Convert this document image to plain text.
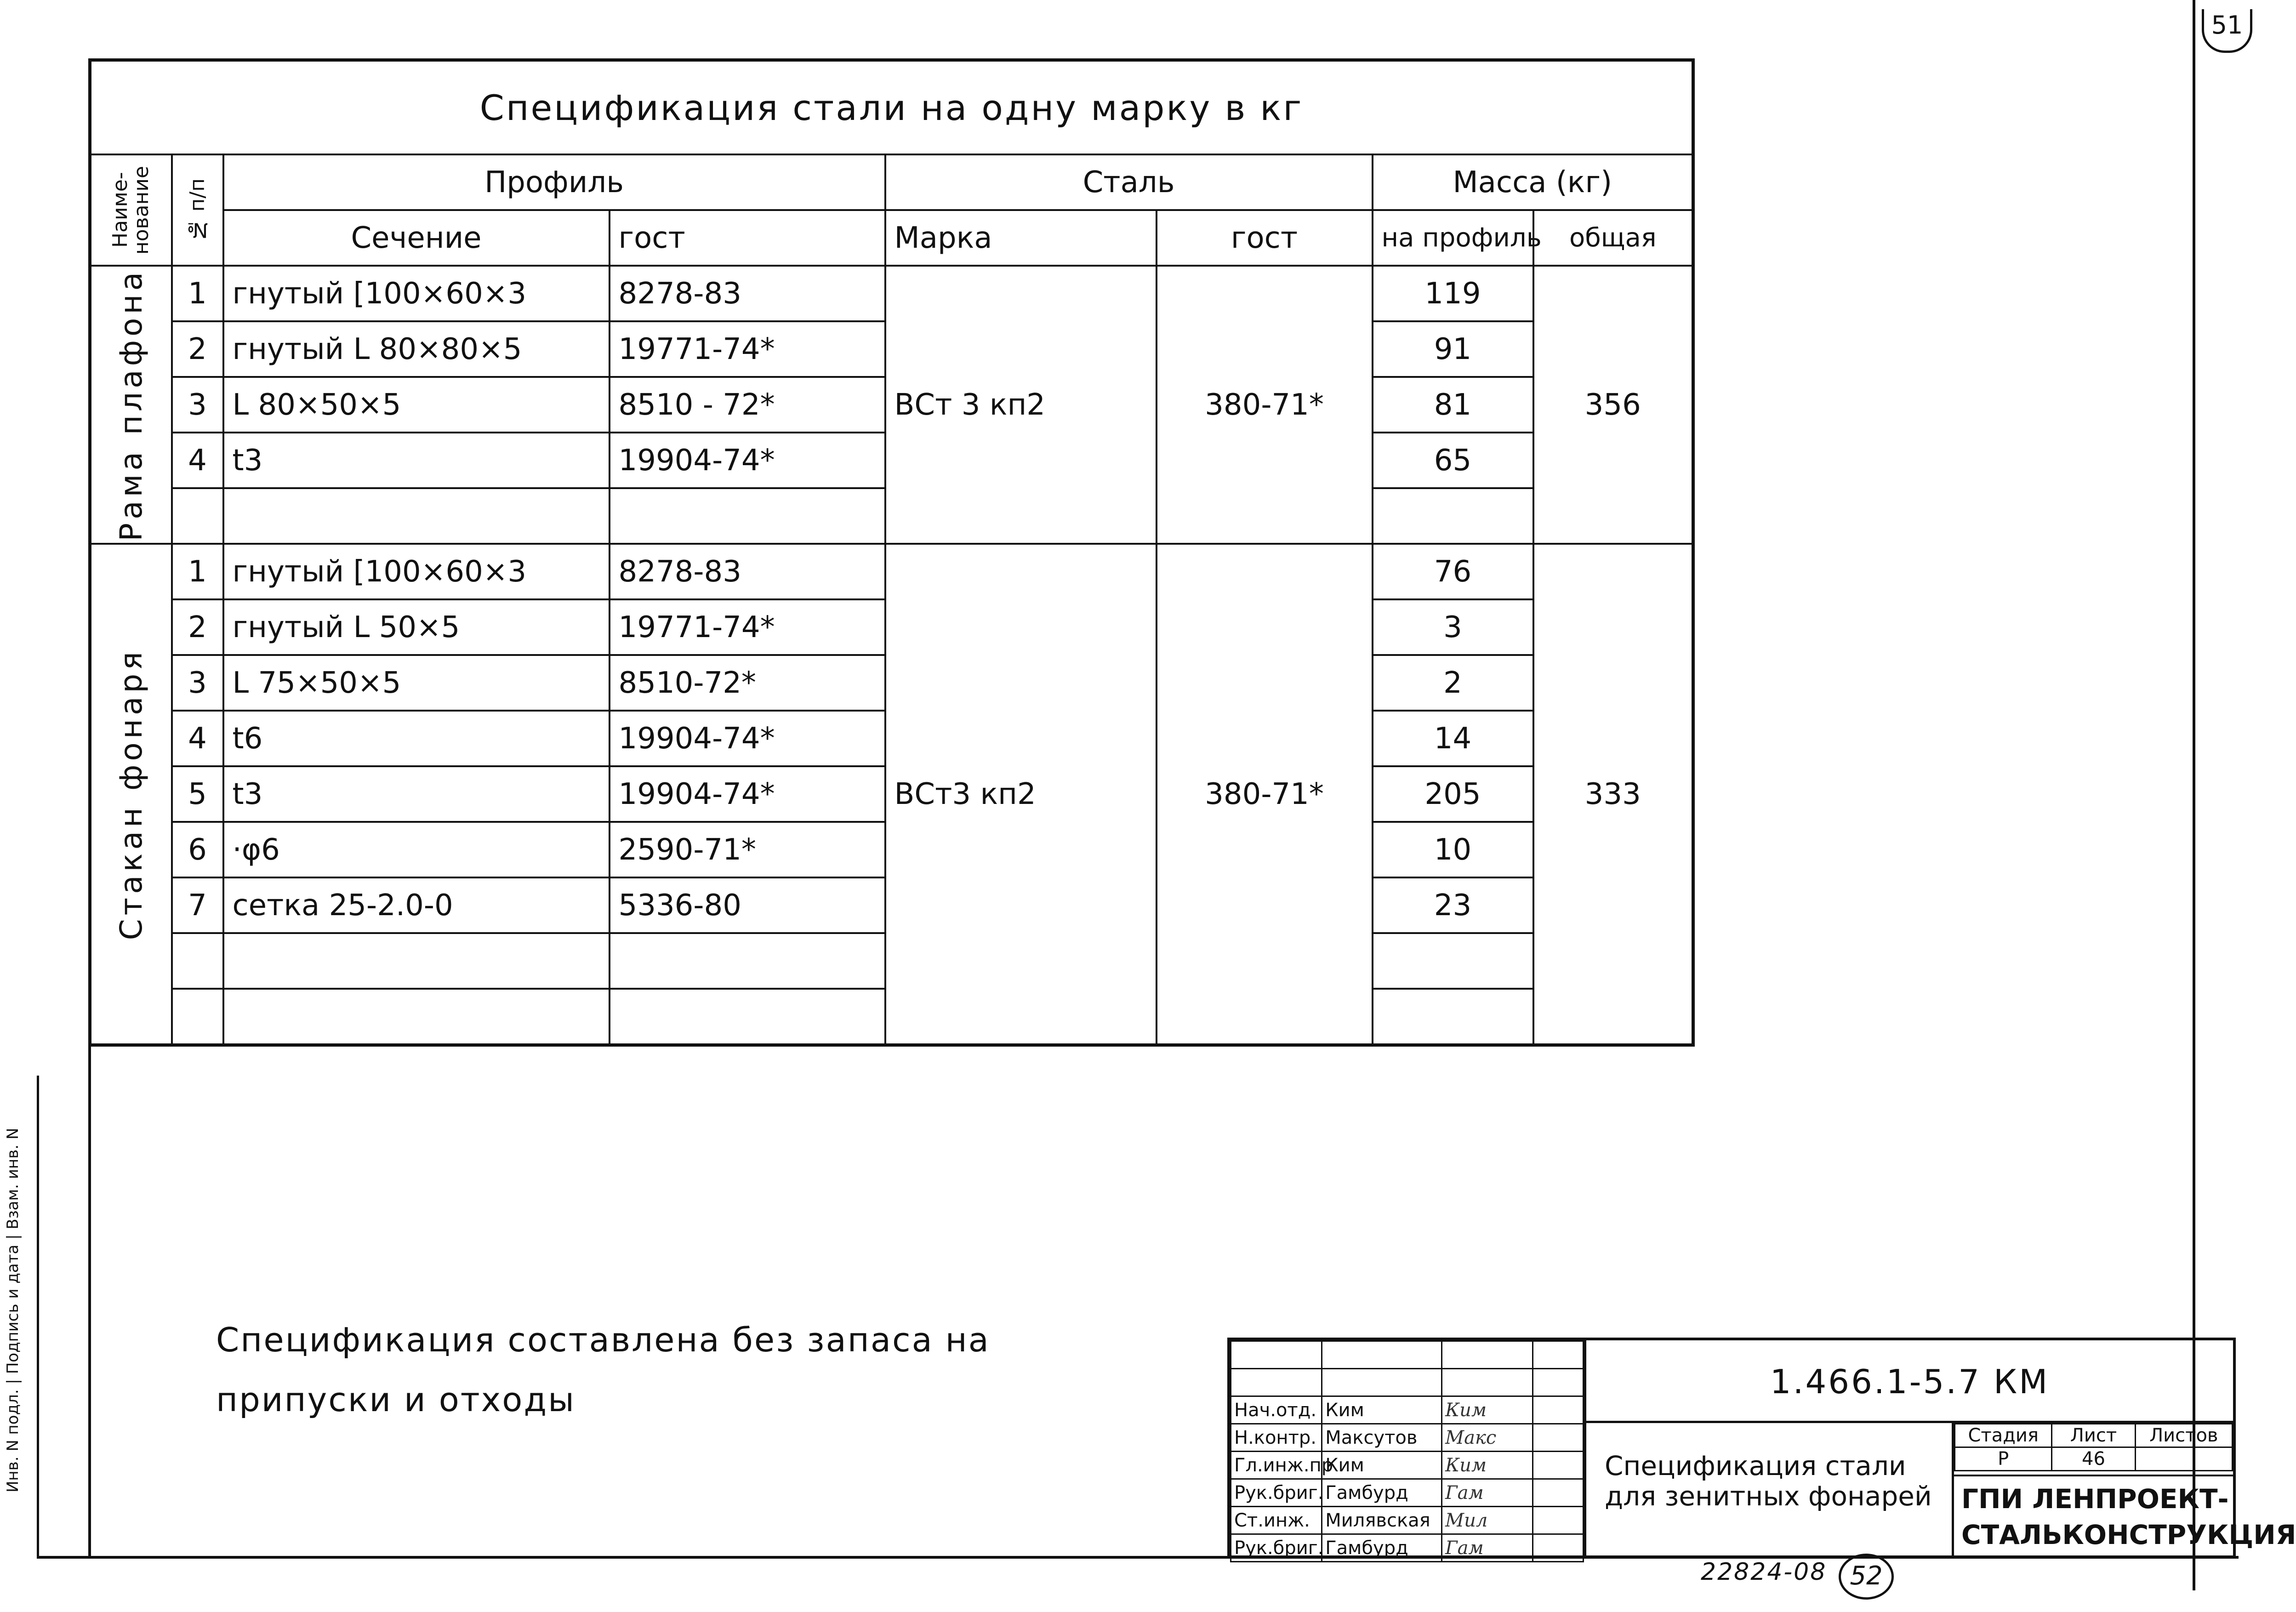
51
Спецификация стали на одну марку в кг							

Наиме-нование	№ п/п	Профиль		Сталь		Масса (кг)	
		Сечение	гост	Марка	гост	на профиль	общая

Рама плафона	1	гнутый [100×60×3	8278-83	ВСт 3 кп2	380-71*	119	356
	2	гнутый L 80×80×5	19771-74*			91	
	3	L 80×50×5	8510 - 72*			81	
	4	t3	19904-74*			65	

Стакан фонаря	1	гнутый [100×60×3	8278-83	ВСт3 кп2	380-71*	76	333
	2	гнутый L 50×5	19771-74*			3	
	3	L 75×50×5	8510-72*			2	
	4	t6	19904-74*			14	
	5	t3	19904-74*			205	
	6	·φ6	2590-71*			10	
	7	сетка 25-2.0-0	5336-80			23	

Спецификация составлена без запаса на припуски и отходы

				Нач.отд.	Ким	Ким	
Н.контр.	Максутов	Макс	
Гл.инж.пр	Ким	Ким	
Рук.бриг.	Гамбурд	Гам	
Ст.инж.	Милявская	Мил	
Рук.бриг.	Гамбурд	Гам	
1.466.1-5.7 КМ
Спецификация стали для зенитных фонарей
Стадия	Лист	Листов
Р	46	
ГПИ ЛЕНПРОЕКТ-СТАЛЬКОНСТРУКЦИЯ
Инв. N подл. | Подпись и дата | Взам. инв. N
22824-08 52
